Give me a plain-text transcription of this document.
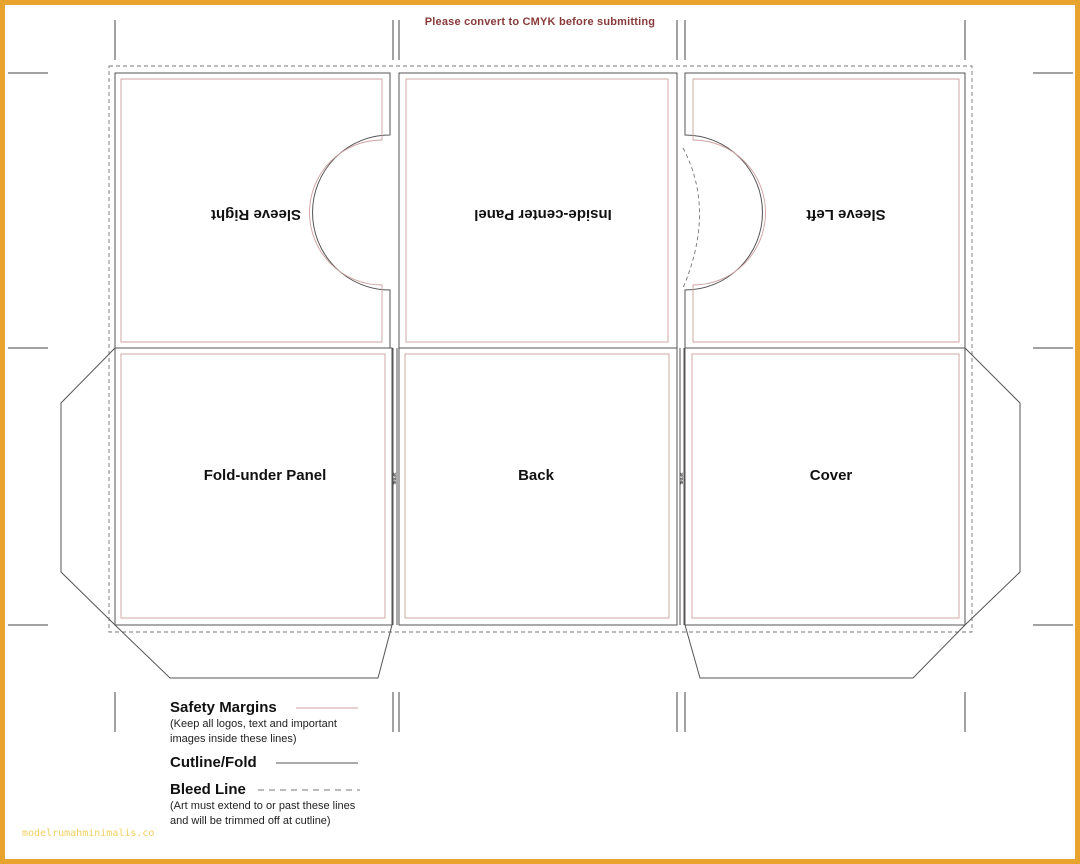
Please convert to CMYK before submitting
Sleeve Right	Inside-center Panel	Sleeve Left
Fold-under Panel	Back	Cover
SPINE	SPINE
Safety Margins
(Keep all logos, text and important
images inside these lines)
Cutline/Fold
Bleed Line
(Art must extend to or past these lines
and will be trimmed off at cutline)
modelrumahminimalis.co
